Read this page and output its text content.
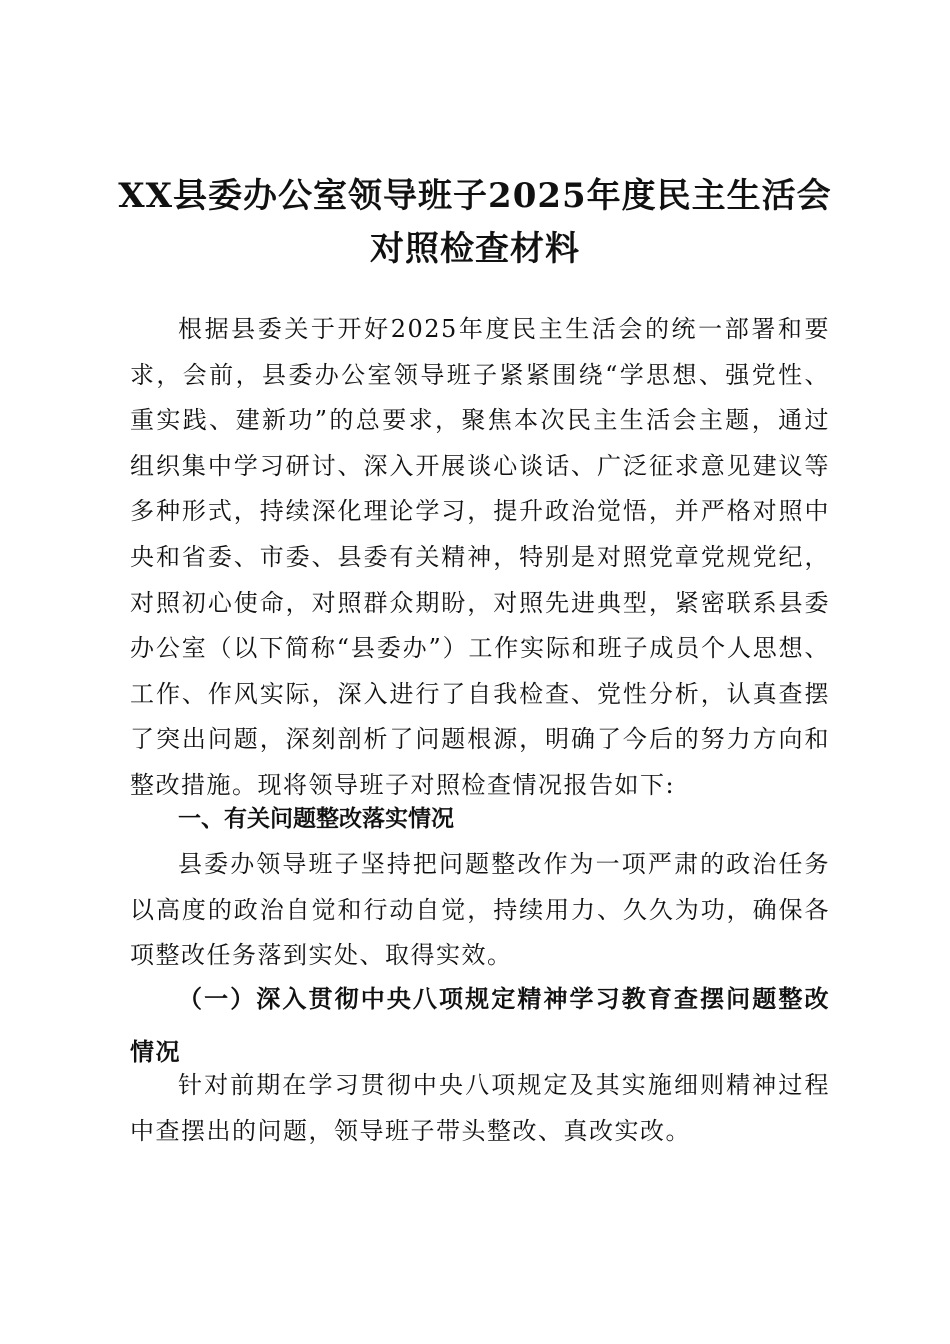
XX县委办公室领导班子2025年度民主生活会
对照检查材料

根据县委关于开好2025年度民主生活会的统一部署和要求，会前，县委办公室领导班子紧紧围绕“学思想、强党性、重实践、建新功”的总要求，聚焦本次民主生活会主题，通过组织集中学习研讨、深入开展谈心谈话、广泛征求意见建议等多种形式，持续深化理论学习，提升政治觉悟，并严格对照中央和省委、市委、县委有关精神，特别是对照党章党规党纪，对照初心使命，对照群众期盼，对照先进典型，紧密联系县委办公室（以下简称“县委办”）工作实际和班子成员个人思想、工作、作风实际，深入进行了自我检查、党性分析，认真查摆了突出问题，深刻剖析了问题根源，明确了今后的努力方向和整改措施。现将领导班子对照检查情况报告如下:

一、有关问题整改落实情况

县委办领导班子坚持把问题整改作为一项严肃的政治任务以高度的政治自觉和行动自觉，持续用力、久久为功，确保各项整改任务落到实处、取得实效。

（一）深入贯彻中央八项规定精神学习教育查摆问题整改情况

针对前期在学习贯彻中央八项规定及其实施细则精神过程中查摆出的问题，领导班子带头整改、真改实改。
